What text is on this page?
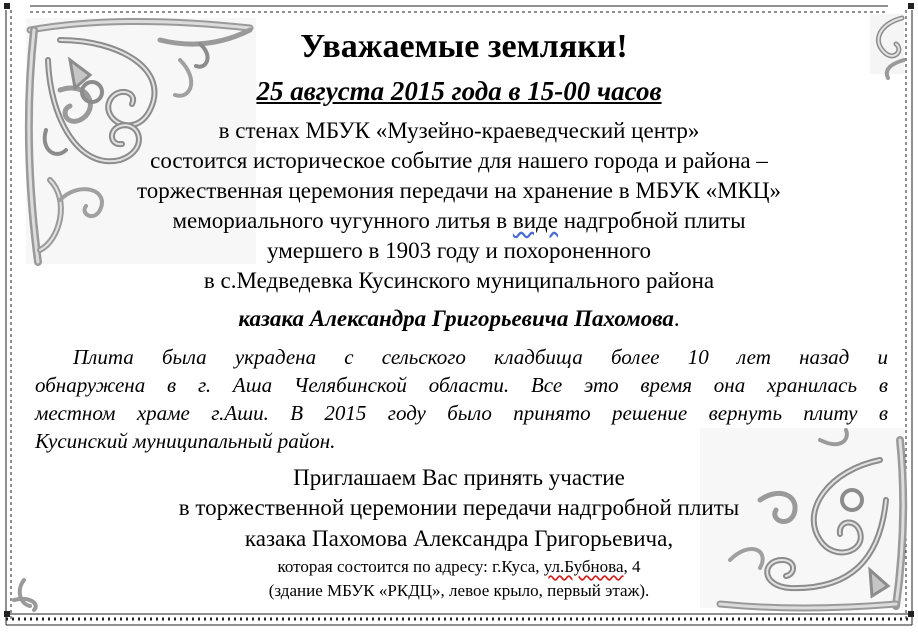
Уважаемые земляки!
25 августа 2015 года в 15-00 часов
в стенах МБУК «Музейно-краеведческий центр»
состоится историческое событие для нашего города и района –
торжественная церемония передачи на хранение в МБУК «МКЦ»
мемориального чугунного литья в виде надгробной плиты
умершего в 1903 году и похороненного
в с.Медведевка Кусинского муниципального района
казака Александра Григорьевича Пахомова.
Плита была украдена с сельского кладбища более 10 лет назад и
обнаружена в г. Аша Челябинской области. Все это время она хранилась в
местном храме г.Аши. В 2015 году было принято решение вернуть плиту в
Кусинский муниципальный район.
Приглашаем Вас принять участие
в торжественной церемонии передачи надгробной плиты
казака Пахомова Александра Григорьевича,
которая состоится по адресу: г.Куса, ул.Бубнова, 4
(здание МБУК «РКДЦ», левое крыло, первый этаж).
